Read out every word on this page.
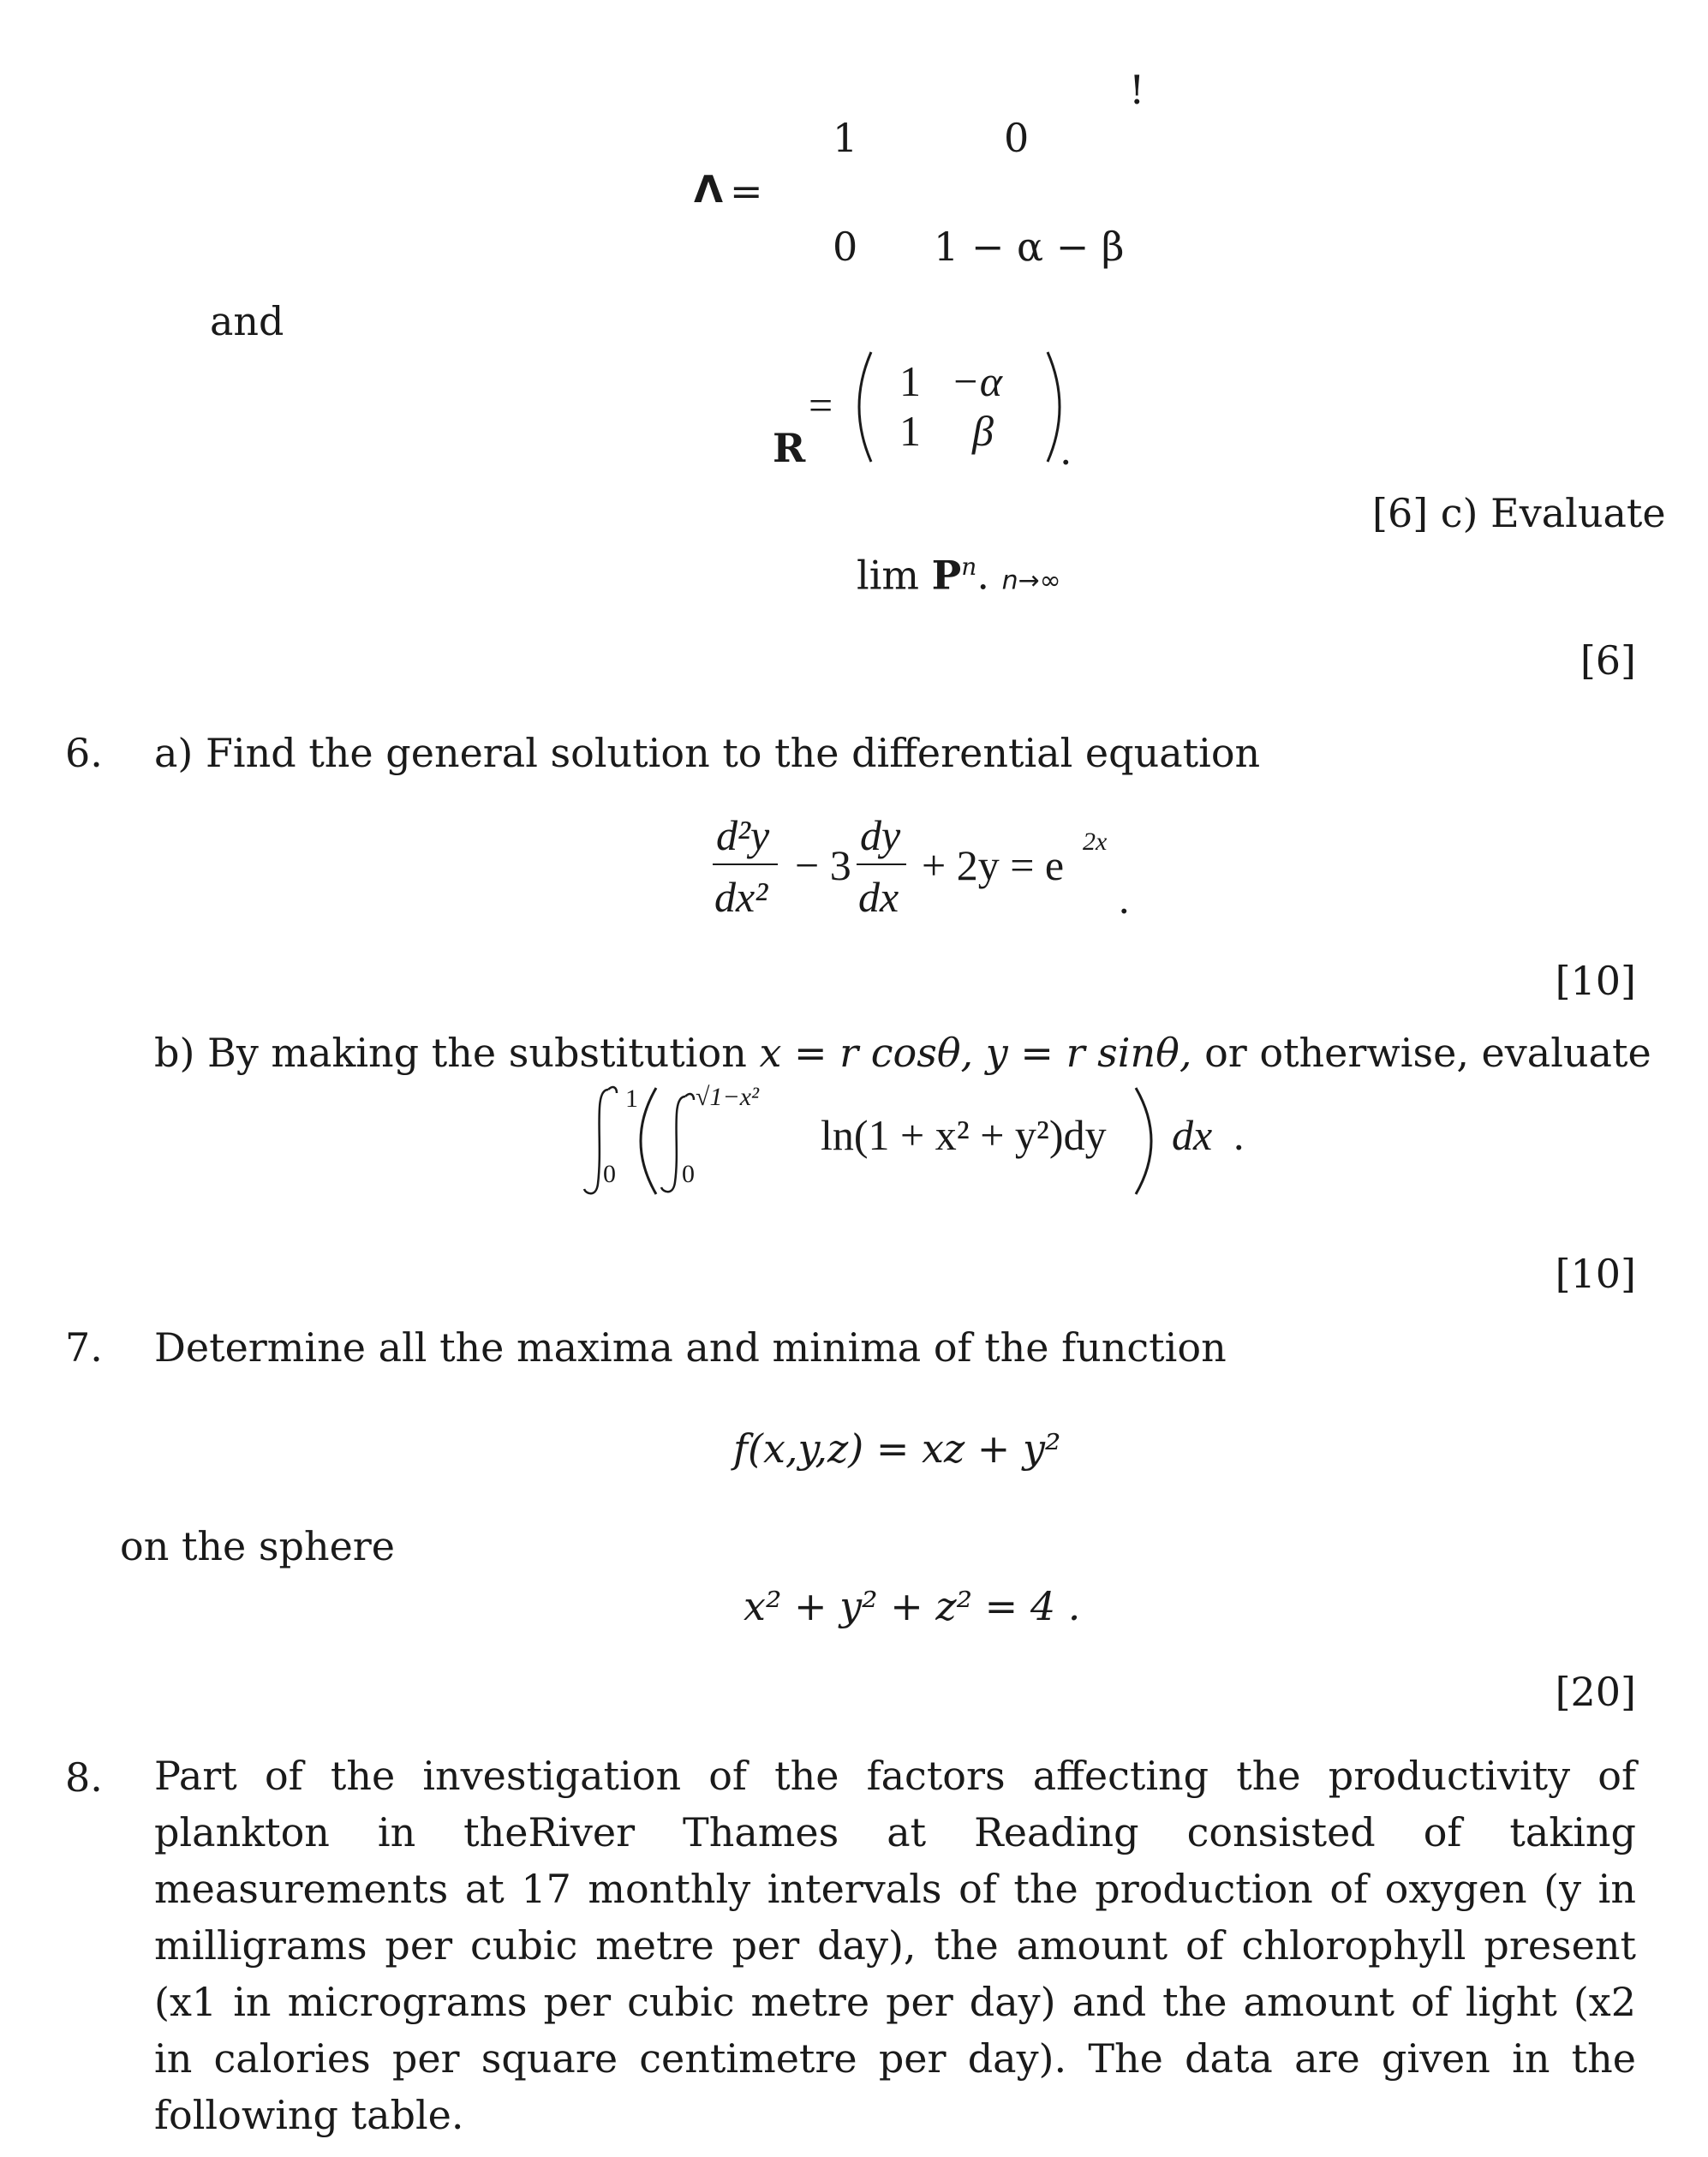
!
Λ =
1	0
0 1 − α − β
and
R
= 1 −α
1 β .
[6] c) Evaluate
$\lim P^n$. n→∞
[6]
6. a) Find the general solution to the differential equation
d²y
dx²
− 3
dy
dx
+ 2y = e 2x
.
[10]
b) By making the substitution x = r cosθ, y = r sinθ, or otherwise, evaluate
1
0
√1−x²
0
ln(1 + x² + y²)dy dx .
[10]
7. Determine all the maxima and minima of the function
f(x,y,z) = xz + y²
on the sphere
x² + y² + z² = 4 .
[20]
8. Part of the investigation of the factors affecting the productivity of plankton in theRiver Thames at Reading consisted of taking measurements at 17 monthly intervals of the production of oxygen (y in milligrams per cubic metre per day), the amount of chlorophyll present (x1 in micrograms per cubic metre per day) and the amount of light (x2 in calories per square centimetre per day). The data are given in the following table.
